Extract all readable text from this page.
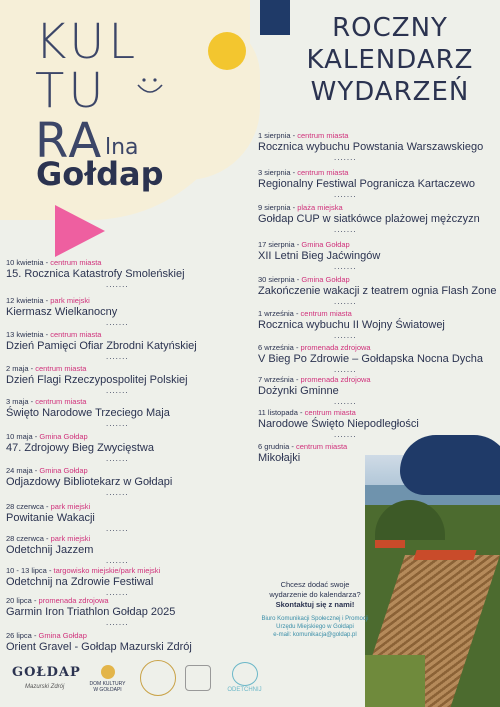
KUL
TU
RA lna
Gołdap
ROCZNY
KALENDARZ
WYDARZEŃ
10 kwietnia - centrum miasta
15. Rocznica Katastrofy Smoleńskiej
.......
12 kwietnia - park miejski
Kiermasz Wielkanocny
.......
13 kwietnia - centrum miasta
Dzień Pamięci Ofiar Zbrodni Katyńskiej
.......
2 maja - centrum miasta
Dzień Flagi Rzeczypospolitej Polskiej
.......
3 maja - centrum miasta
Święto Narodowe Trzeciego Maja
.......
10 maja - Gmina Gołdap
47. Zdrojowy Bieg Zwycięstwa
.......
24 maja - Gmina Gołdap
Odjazdowy Bibliotekarz w Gołdapi
.......
28 czerwca - park miejski
Powitanie Wakacji
.......
28 czerwca - park miejski
Odetchnij Jazzem
.......
10 - 13 lipca - targowisko miejskie/park miejski
Odetchnij na Zdrowie Festiwal
.......
20 lipca - promenada zdrojowa
Garmin Iron Triathlon Gołdap 2025
.......
26 lipca - Gmina Gołdap
Orient Gravel - Gołdap Mazurski Zdrój
1 sierpnia - centrum miasta
Rocznica wybuchu Powstania Warszawskiego
.......
3 sierpnia - centrum miasta
Regionalny Festiwal Pogranicza Kartaczewo
.......
9 sierpnia - plaża miejska
Gołdap CUP w siatkówce plażowej mężczyzn
.......
17 sierpnia - Gmina Gołdap
XII Letni Bieg Jaćwingów
.......
30 sierpnia - Gmina Gołdap
Zakończenie wakacji z teatrem ognia Flash Zone
.......
1 września - centrum miasta
Rocznica wybuchu II Wojny Światowej
.......
6 września - promenada zdrojowa
V Bieg Po Zdrowie – Gołdapska Nocna Dycha
.......
7 września - promenada zdrojowa
Dożynki Gminne
.......
11 listopada - centrum miasta
Narodowe Święto Niepodległości
.......
6 grudnia - centrum miasta
Mikołajki
Chcesz dodać swoje
wydarzenie do kalendarza?
Skontaktuj się z nami!
Biuro Komunikacji Społecznej i Promocji
Urzędu Miejskiego w Gołdapi
e-mail: komunikacja@goldap.pl
GOŁDAP
Mazurski Zdrój	DOM KULTURY
W GOŁDAPI	ODETCHNIJ
